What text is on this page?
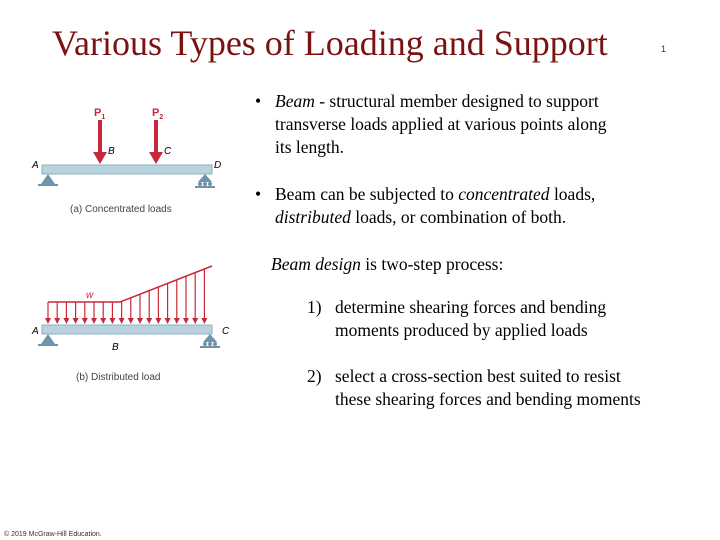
Various Types of Loading and Support	1
$P_1$	$P_2$
A
B	C
D
(a) Concentrated loads
w
A
B
C
(b) Distributed load
• Beam - structural member designed to support
transverse loads applied at various points along
its length.
• Beam can be subjected to concentrated loads,
distributed loads, or combination of both.
Beam design is two-step process:
1) determine shearing forces and bending
moments produced by applied loads
2) select a cross-section best suited to resist
these shearing forces and bending moments
© 2019 McGraw-Hill Education.
